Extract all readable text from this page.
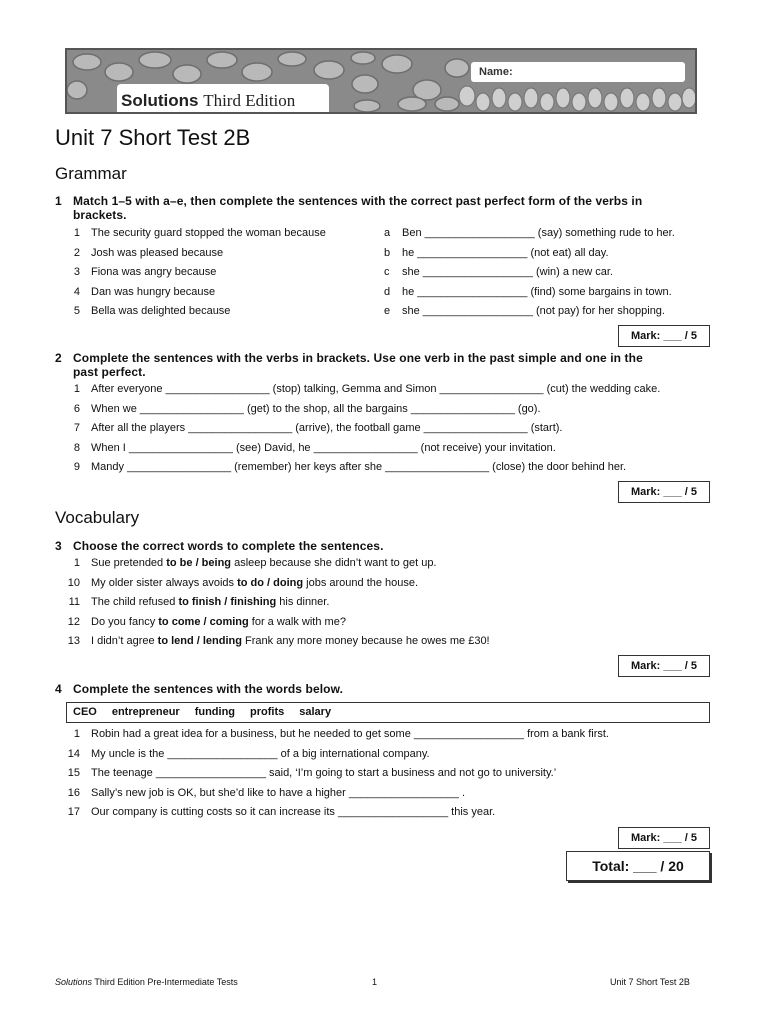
Solutions Third Edition
Name:
Unit 7 Short Test 2B
Grammar
1 Match 1–5 with a–e, then complete the sentences with the correct past perfect form of the verbs in
brackets.
1 The security guard stopped the woman because
2 Josh was pleased because
3 Fiona was angry because
4 Dan was hungry because
5 Bella was delighted because
a Ben __________________ (say) something rude to her.
b he __________________ (not eat) all day.
c she __________________ (win) a new car.
d he __________________ (find) some bargains in town.
e she __________________ (not pay) for her shopping.
Mark: ___ / 5
2 Complete the sentences with the verbs in brackets. Use one verb in the past simple and one in the
past perfect.
1 After everyone _________________ (stop) talking, Gemma and Simon _________________ (cut) the wedding cake.
6 When we _________________ (get) to the shop, all the bargains _________________ (go).
7 After all the players _________________ (arrive), the football game _________________ (start).
8 When I _________________ (see) David, he _________________ (not receive) your invitation.
9 Mandy _________________ (remember) her keys after she _________________ (close) the door behind her.
Mark: ___ / 5
Vocabulary
3 Choose the correct words to complete the sentences.
1 Sue pretended to be / being asleep because she didn’t want to get up.
10 My older sister always avoids to do / doing jobs around the house.
11 The child refused to finish / finishing his dinner.
12 Do you fancy to come / coming for a walk with me?
13 I didn’t agree to lend / lending Frank any more money because he owes me £30!
Mark: ___ / 5
4 Complete the sentences with the words below.
CEO entrepreneur funding profits salary
1 Robin had a great idea for a business, but he needed to get some __________________ from a bank first.
14 My uncle is the __________________ of a big international company.
15 The teenage __________________ said, ‘I’m going to start a business and not go to university.’
16 Sally’s new job is OK, but she’d like to have a higher __________________ .
17 Our company is cutting costs so it can increase its __________________ this year.
Mark: ___ / 5
Total: ___ / 20
Solutions Third Edition Pre-Intermediate Tests	1	Unit 7 Short Test 2B
